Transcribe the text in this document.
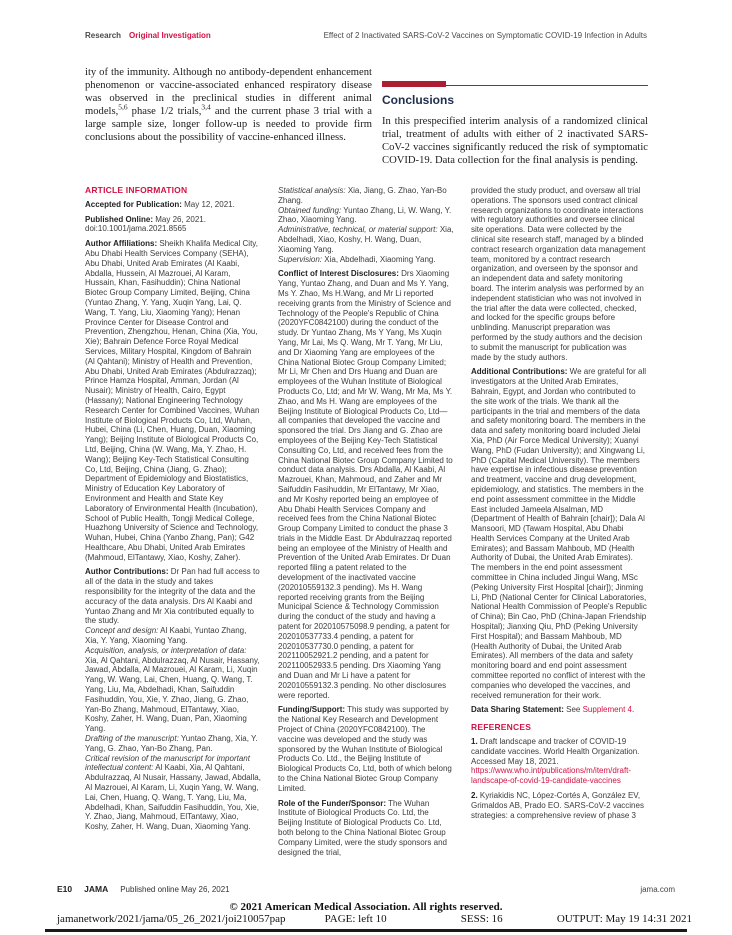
Research Original Investigation	Effect of 2 Inactivated SARS-CoV-2 Vaccines on Symptomatic COVID-19 Infection in Adults

ity of the immunity. Although no antibody-dependent enhancement phenomenon or vaccine-associated enhanced respiratory disease was observed in the preclinical studies in different animal models,$^{5,6}$ phase 1/2 trials,$^{3,4}$ and the current phase 3 trial with a large sample size, longer follow-up is needed to provide firm conclusions about the possibility of vaccine-enhanced illness.

Conclusions

In this prespecified interim analysis of a randomized clinical trial, treatment of adults with either of 2 inactivated SARS-CoV-2 vaccines significantly reduced the risk of symptomatic COVID-19. Data collection for the final analysis is pending.

ARTICLE INFORMATION

Accepted for Publication: May 12, 2021.

Published Online: May 26, 2021. doi:10.1001/jama.2021.8565

Author Affiliations: Sheikh Khalifa Medical City, Abu Dhabi Health Services Company (SEHA), Abu Dhabi, United Arab Emirates (Al Kaabi, Abdalla, Hussein, Al Mazrouei, Al Karam, Hussain, Khan, Fasihuddin); China National Biotec Group Company Limited, Beijing, China (Yuntao Zhang, Y. Yang, Xuqin Yang, Lai, Q. Wang, T. Yang, Liu, Xiaoming Yang); Henan Province Center for Disease Control and Prevention, Zhengzhou, Henan, China (Xia, You, Xie); Bahrain Defence Force Royal Medical Services, Military Hospital, Kingdom of Bahrain (Al Qahtani); Ministry of Health and Prevention, Abu Dhabi, United Arab Emirates (Abdulrazzaq); Prince Hamza Hospital, Amman, Jordan (Al Nusair); Ministry of Health, Cairo, Egypt (Hassany); National Engineering Technology Research Center for Combined Vaccines, Wuhan Institute of Biological Products Co, Ltd, Wuhan, Hubei, China (Li, Chen, Huang, Duan, Xiaoming Yang); Beijing Institute of Biological Products Co, Ltd, Beijing, China (W. Wang, Ma, Y. Zhao, H. Wang); Beijing Key-Tech Statistical Consulting Co, Ltd, Beijing, China (Jiang, G. Zhao); Department of Epidemiology and Biostatistics, Ministry of Education Key Laboratory of Environment and Health and State Key Laboratory of Environmental Health (Incubation), School of Public Health, Tongji Medical College, Huazhong University of Science and Technology, Wuhan, Hubei, China (Yanbo Zhang, Pan); G42 Healthcare, Abu Dhabi, United Arab Emirates (Mahmoud, ElTantawy, Xiao, Koshy, Zaher).

Author Contributions: Dr Pan had full access to all of the data in the study and takes responsibility for the integrity of the data and the accuracy of the data analysis. Drs Al Kaabi and Yuntao Zhang and Mr Xia contributed equally to the study.

Concept and design: Al Kaabi, Yuntao Zhang, Xia, Y. Yang, Xiaoming Yang.

Acquisition, analysis, or interpretation of data: Xia, Al Qahtani, Abdulrazzaq, Al Nusair, Hassany, Jawad, Abdalla, Al Mazrouei, Al Karam, Li, Xuqin Yang, W. Wang, Lai, Chen, Huang, Q. Wang, T. Yang, Liu, Ma, Abdelhadi, Khan, Saifuddin Fasihuddin, You, Xie, Y. Zhao, Jiang, G. Zhao, Yan-Bo Zhang, Mahmoud, ElTantawy, Xiao, Koshy, Zaher, H. Wang, Duan, Pan, Xiaoming Yang.

Drafting of the manuscript: Yuntao Zhang, Xia, Y. Yang, G. Zhao, Yan-Bo Zhang, Pan.

Critical revision of the manuscript for important intellectual content: Al Kaabi, Xia, Al Qahtani, Abdulrazzaq, Al Nusair, Hassany, Jawad, Abdalla, Al Mazrouei, Al Karam, Li, Xuqin Yang, W. Wang, Lai, Chen, Huang, Q. Wang, T. Yang, Liu, Ma, Abdelhadi, Khan, Saifuddin Fasihuddin, You, Xie, Y. Zhao, Jiang, Mahmoud, ElTantawy, Xiao, Koshy, Zaher, H. Wang, Duan, Xiaoming Yang.

Statistical analysis: Xia, Jiang, G. Zhao, Yan-Bo Zhang.

Obtained funding: Yuntao Zhang, Li, W. Wang, Y. Zhao, Xiaoming Yang.

Administrative, technical, or material support: Xia, Abdelhadi, Xiao, Koshy, H. Wang, Duan, Xiaoming Yang.

Supervision: Xia, Abdelhadi, Xiaoming Yang.

Conflict of Interest Disclosures: Drs Xiaoming Yang, Yuntao Zhang, and Duan and Ms Y. Yang, Ms Y. Zhao, Ms H.Wang, and Mr Li reported receiving grants from the Ministry of Science and Technology of the People's Republic of China (2020YFC0842100) during the conduct of the study. Dr Yuntao Zhang, Ms Y Yang, Ms Xuqin Yang, Mr Lai, Ms Q. Wang, Mr T. Yang, Mr Liu, and Dr Xiaoming Yang are employees of the China National Biotec Group Company Limited; Mr Li, Mr Chen and Drs Huang and Duan are employees of the Wuhan Institute of Biological Products Co, Ltd; and Mr W. Wang, Mr Ma, Ms Y. Zhao, and Ms H. Wang are employees of the Beijing Institute of Biological Products Co, Ltd—all companies that developed the vaccine and sponsored the trial. Drs Jiang and G. Zhao are employees of the Beijing Key-Tech Statistical Consulting Co, Ltd, and received fees from the China National Biotec Group Company Limited to conduct data analysis. Drs Abdalla, Al Kaabi, Al Mazrouei, Khan, Mahmoud, and Zaher and Mr Saifuddin Fasihuddin, Mr ElTantawy, Mr Xiao, and Mr Koshy reported being an employee of Abu Dhabi Health Services Company and received fees from the China National Biotec Group Company Limited to conduct the phase 3 trials in the Middle East. Dr Abdulrazzaq reported being an employee of the Ministry of Health and Prevention of the United Arab Emirates. Dr Duan reported filing a patent related to the development of the inactivated vaccine (202010559132.3 pending). Ms H. Wang reported receiving grants from the Beijing Municipal Science & Technology Commission during the conduct of the study and having a patent for 202010575098.9 pending, a patent for 202010537733.4 pending, a patent for 202010537730.0 pending, a patent for 202110052921.2 pending, and a patent for 202110052933.5 pending. Drs Xiaoming Yang and Duan and Mr Li have a patent for 202010559132.3 pending. No other disclosures were reported.

Funding/Support: This study was supported by the National Key Research and Development Project of China (2020YFC0842100). The vaccine was developed and the study was sponsored by the Wuhan Institute of Biological Products Co. Ltd., the Beijing Institute of Biological Products Co, Ltd, both of which belong to the China National Biotec Group Company Limited.

Role of the Funder/Sponsor: The Wuhan Institute of Biological Products Co. Ltd, the Beijing Institute of Biological Products Co. Ltd, both belong to the China National Biotec Group Company Limited, were the study sponsors and designed the trial,

provided the study product, and oversaw all trial operations. The sponsors used contract clinical research organizations to coordinate interactions with regulatory authorities and oversee clinical site operations. Data were collected by the clinical site research staff, managed by a blinded contract research organization data management team, monitored by a contract research organization, and overseen by the sponsor and an independent data and safety monitoring board. The interim analysis was performed by an independent statistician who was not involved in the trial after the data were collected, checked, and locked for the specific groups before unblinding. Manuscript preparation was performed by the study authors and the decision to submit the manuscript for publication was made by the study authors.

Additional Contributions: We are grateful for all investigators at the United Arab Emirates, Bahrain, Egypt, and Jordan who contributed to the site work of the trials. We thank all the participants in the trial and members of the data and safety monitoring board. The members in the data and safety monitoring board included Jielai Xia, PhD (Air Force Medical University); Xuanyi Wang, PhD (Fudan University); and Xingwang Li, PhD (Capital Medical University). The members have expertise in infectious disease prevention and treatment, vaccine and drug development, epidemiology, and statistics. The members in the end point assessment committee in the Middle East included Jameela Alsalman, MD (Department of Health of Bahrain [chair]); Dala Al Mansoori, MD (Tawam Hospital, Abu Dhabi Health Services Company at the United Arab Emirates); and Bassam Mahboub, MD (Health Authority of Dubai, the United Arab Emirates). The members in the end point assessment committee in China included Jingui Wang, MSc (Peking University First Hospital [chair]); Jinming Li, PhD (National Center for Clinical Laboratories, National Health Commission of People's Republic of China); Bin Cao, PhD (China-Japan Friendship Hospital); Jianxing Qiu, PhD (Peking University First Hospital); and Bassam Mahboub, MD (Health Authority of Dubai, the United Arab Emirates). All members of the data and safety monitoring board and end point assessment committee reported no conflict of interest with the companies who developed the vaccines, and received remuneration for their work.

Data Sharing Statement: See Supplement 4.

REFERENCES

1. Draft landscape and tracker of COVID-19 candidate vaccines. World Health Organization. Accessed May 18, 2021. https://www.who.int/publications/m/item/draft-landscape-of-covid-19-candidate-vaccines

2. Kyriakidis NC, López-Cortés A, González EV, Grimaldos AB, Prado EO. SARS-CoV-2 vaccines strategies: a comprehensive review of phase 3

E10 JAMA Published online May 26, 2021	jama.com
© 2021 American Medical Association. All rights reserved.
jamanetwork/2021/jama/05_26_2021/joi210057pap	PAGE: left 10	SESS: 16	OUTPUT: May 19 14:31 2021
